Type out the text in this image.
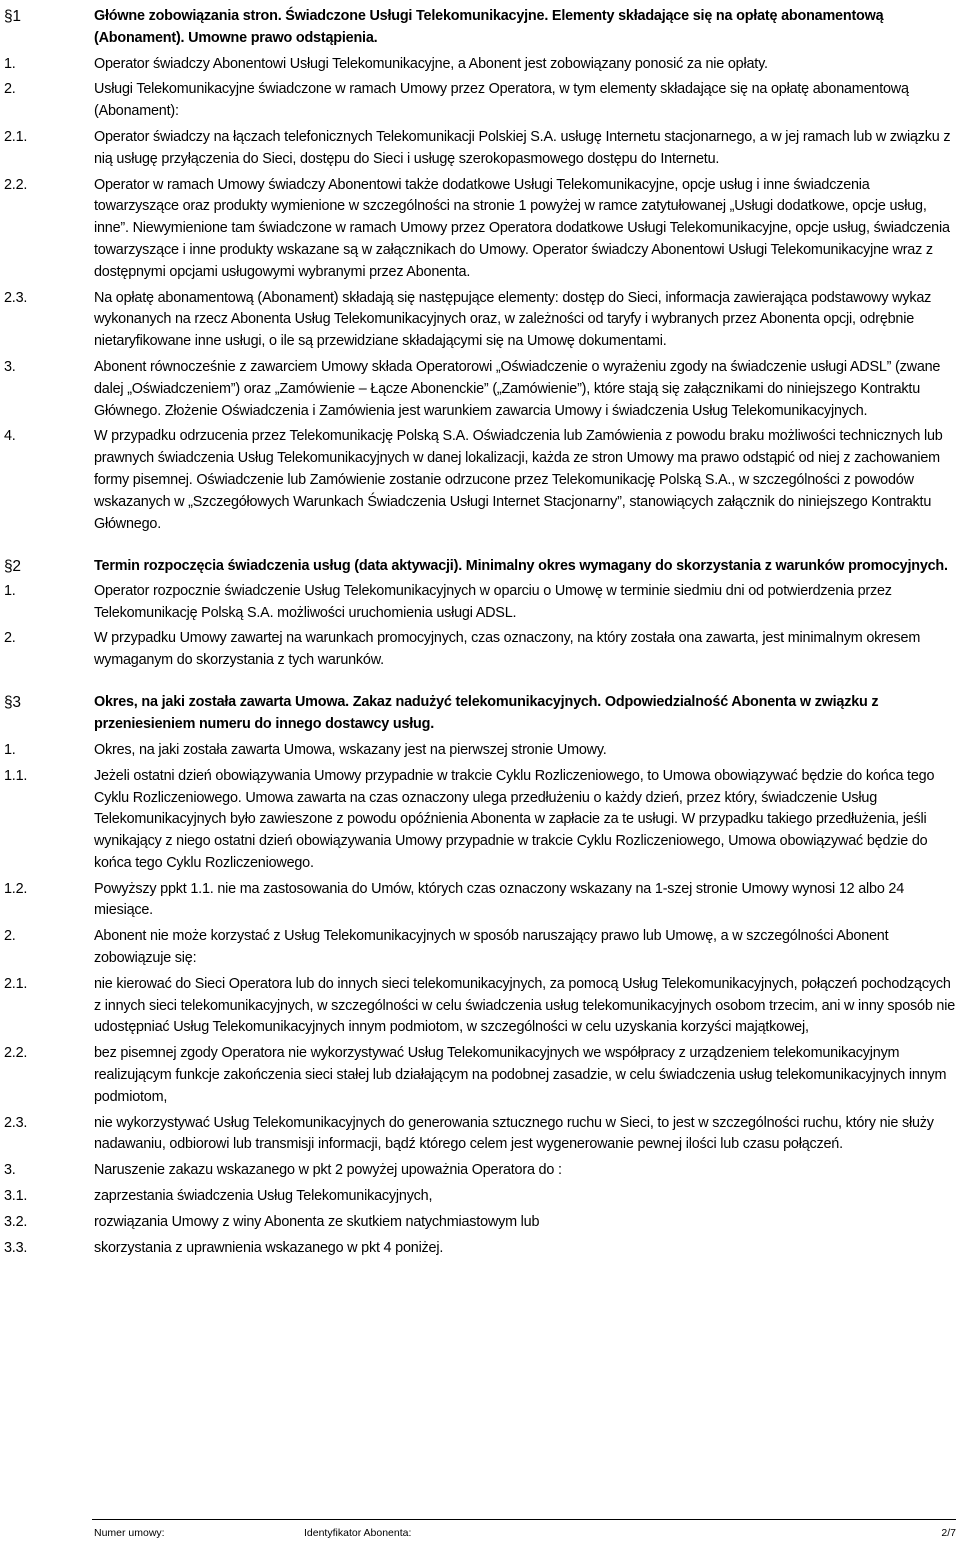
§1	Główne zobowiązania stron. Świadczone Usługi Telekomunikacyjne. Elementy składające się na opłatę abonamentową (Abonament). Umowne prawo odstąpienia.
1.	Operator świadczy Abonentowi Usługi Telekomunikacyjne, a Abonent jest zobowiązany ponosić za nie opłaty.
2.	Usługi Telekomunikacyjne świadczone w ramach Umowy przez Operatora, w tym elementy składające się na opłatę abonamentową (Abonament):
2.1.	Operator świadczy na łączach telefonicznych Telekomunikacji Polskiej S.A. usługę Internetu stacjonarnego, a w jej ramach lub w związku z nią usługę przyłączenia do Sieci, dostępu do Sieci i usługę szerokopasmowego dostępu do Internetu.
2.2.	Operator w ramach Umowy świadczy Abonentowi także dodatkowe Usługi Telekomunikacyjne, opcje usług i inne świadczenia towarzyszące oraz produkty wymienione w szczególności na stronie 1 powyżej w ramce zatytułowanej „Usługi dodatkowe, opcje usług, inne”. Niewymienione tam świadczone w ramach Umowy przez Operatora dodatkowe Usługi Telekomunikacyjne, opcje usług, świadczenia towarzyszące i inne produkty wskazane są w załącznikach do Umowy. Operator świadczy Abonentowi Usługi Telekomunikacyjne wraz z dostępnymi opcjami usługowymi wybranymi przez Abonenta.
2.3.	Na opłatę abonamentową (Abonament) składają się następujące elementy: dostęp do Sieci, informacja zawierająca podstawowy wykaz wykonanych na rzecz Abonenta Usług Telekomunikacyjnych oraz, w zależności od taryfy i wybranych przez Abonenta opcji, odrębnie nietaryfikowane inne usługi, o ile są przewidziane składającymi się na Umowę dokumentami.
3.	Abonent równocześnie z zawarciem Umowy składa Operatorowi „Oświadczenie o wyrażeniu zgody na świadczenie usługi ADSL” (zwane dalej „Oświadczeniem”) oraz „Zamówienie – Łącze Abonenckie” („Zamówienie”), które stają się załącznikami do niniejszego Kontraktu Głównego. Złożenie Oświadczenia i Zamówienia jest warunkiem zawarcia Umowy i świadczenia Usług Telekomunikacyjnych.
4.	W przypadku odrzucenia przez Telekomunikację Polską S.A. Oświadczenia lub Zamówienia z powodu braku możliwości technicznych lub prawnych świadczenia Usług Telekomunikacyjnych w danej lokalizacji, każda ze stron Umowy ma prawo odstąpić od niej z zachowaniem formy pisemnej. Oświadczenie lub Zamówienie zostanie odrzucone przez Telekomunikację Polską S.A., w szczególności z powodów wskazanych w „Szczegółowych Warunkach Świadczenia Usługi Internet Stacjonarny”, stanowiących załącznik do niniejszego Kontraktu Głównego.
§2	Termin rozpoczęcia świadczenia usług (data aktywacji). Minimalny okres wymagany do skorzystania z warunków promocyjnych.
1.	Operator rozpocznie świadczenie Usług Telekomunikacyjnych w oparciu o Umowę w terminie siedmiu dni od potwierdzenia przez Telekomunikację Polską S.A. możliwości uruchomienia usługi ADSL.
2.	W przypadku Umowy zawartej na warunkach promocyjnych, czas oznaczony, na który została ona zawarta, jest minimalnym okresem wymaganym do skorzystania z tych warunków.
§3	Okres, na jaki została zawarta Umowa. Zakaz nadużyć telekomunikacyjnych. Odpowiedzialność Abonenta w związku z przeniesieniem numeru do innego dostawcy usług.
1.	Okres, na jaki została zawarta Umowa, wskazany jest na pierwszej stronie Umowy.
1.1.	Jeżeli ostatni dzień obowiązywania Umowy przypadnie w trakcie Cyklu Rozliczeniowego, to Umowa obowiązywać będzie do końca tego Cyklu Rozliczeniowego. Umowa zawarta na czas oznaczony ulega przedłużeniu o każdy dzień, przez który, świadczenie Usług Telekomunikacyjnych było zawieszone z powodu opóźnienia Abonenta w zapłacie za te usługi. W przypadku takiego przedłużenia, jeśli wynikający z niego ostatni dzień obowiązywania Umowy przypadnie w trakcie Cyklu Rozliczeniowego, Umowa obowiązywać będzie do końca tego Cyklu Rozliczeniowego.
1.2.	Powyższy ppkt 1.1. nie ma zastosowania do Umów, których czas oznaczony wskazany na 1-szej stronie Umowy wynosi 12 albo 24 miesiące.
2.	Abonent nie może korzystać z Usług Telekomunikacyjnych w sposób naruszający prawo lub Umowę, a w szczególności Abonent zobowiązuje się:
2.1.	nie kierować do Sieci Operatora lub do innych sieci telekomunikacyjnych, za pomocą Usług Telekomunikacyjnych, połączeń pochodzących z innych sieci telekomunikacyjnych, w szczególności w celu świadczenia usług telekomunikacyjnych osobom trzecim, ani w inny sposób nie udostępniać Usług Telekomunikacyjnych innym podmiotom, w szczególności w celu uzyskania korzyści majątkowej,
2.2.	bez pisemnej zgody Operatora nie wykorzystywać Usług Telekomunikacyjnych we współpracy z urządzeniem telekomunikacyjnym realizującym funkcje zakończenia sieci stałej lub działającym na podobnej zasadzie, w celu świadczenia usług telekomunikacyjnych innym podmiotom,
2.3.	nie wykorzystywać Usług Telekomunikacyjnych do generowania sztucznego ruchu w Sieci, to jest w szczególności ruchu, który nie służy nadawaniu, odbiorowi lub transmisji informacji, bądź którego celem jest wygenerowanie pewnej ilości lub czasu połączeń.
3.	Naruszenie zakazu wskazanego w pkt 2 powyżej upoważnia Operatora do :
3.1.	zaprzestania świadczenia Usług Telekomunikacyjnych,
3.2.	rozwiązania Umowy z winy Abonenta ze skutkiem natychmiastowym lub
3.3.	skorzystania z uprawnienia wskazanego w pkt 4 poniżej.
Numer umowy:	Identyfikator Abonenta:	2/7
